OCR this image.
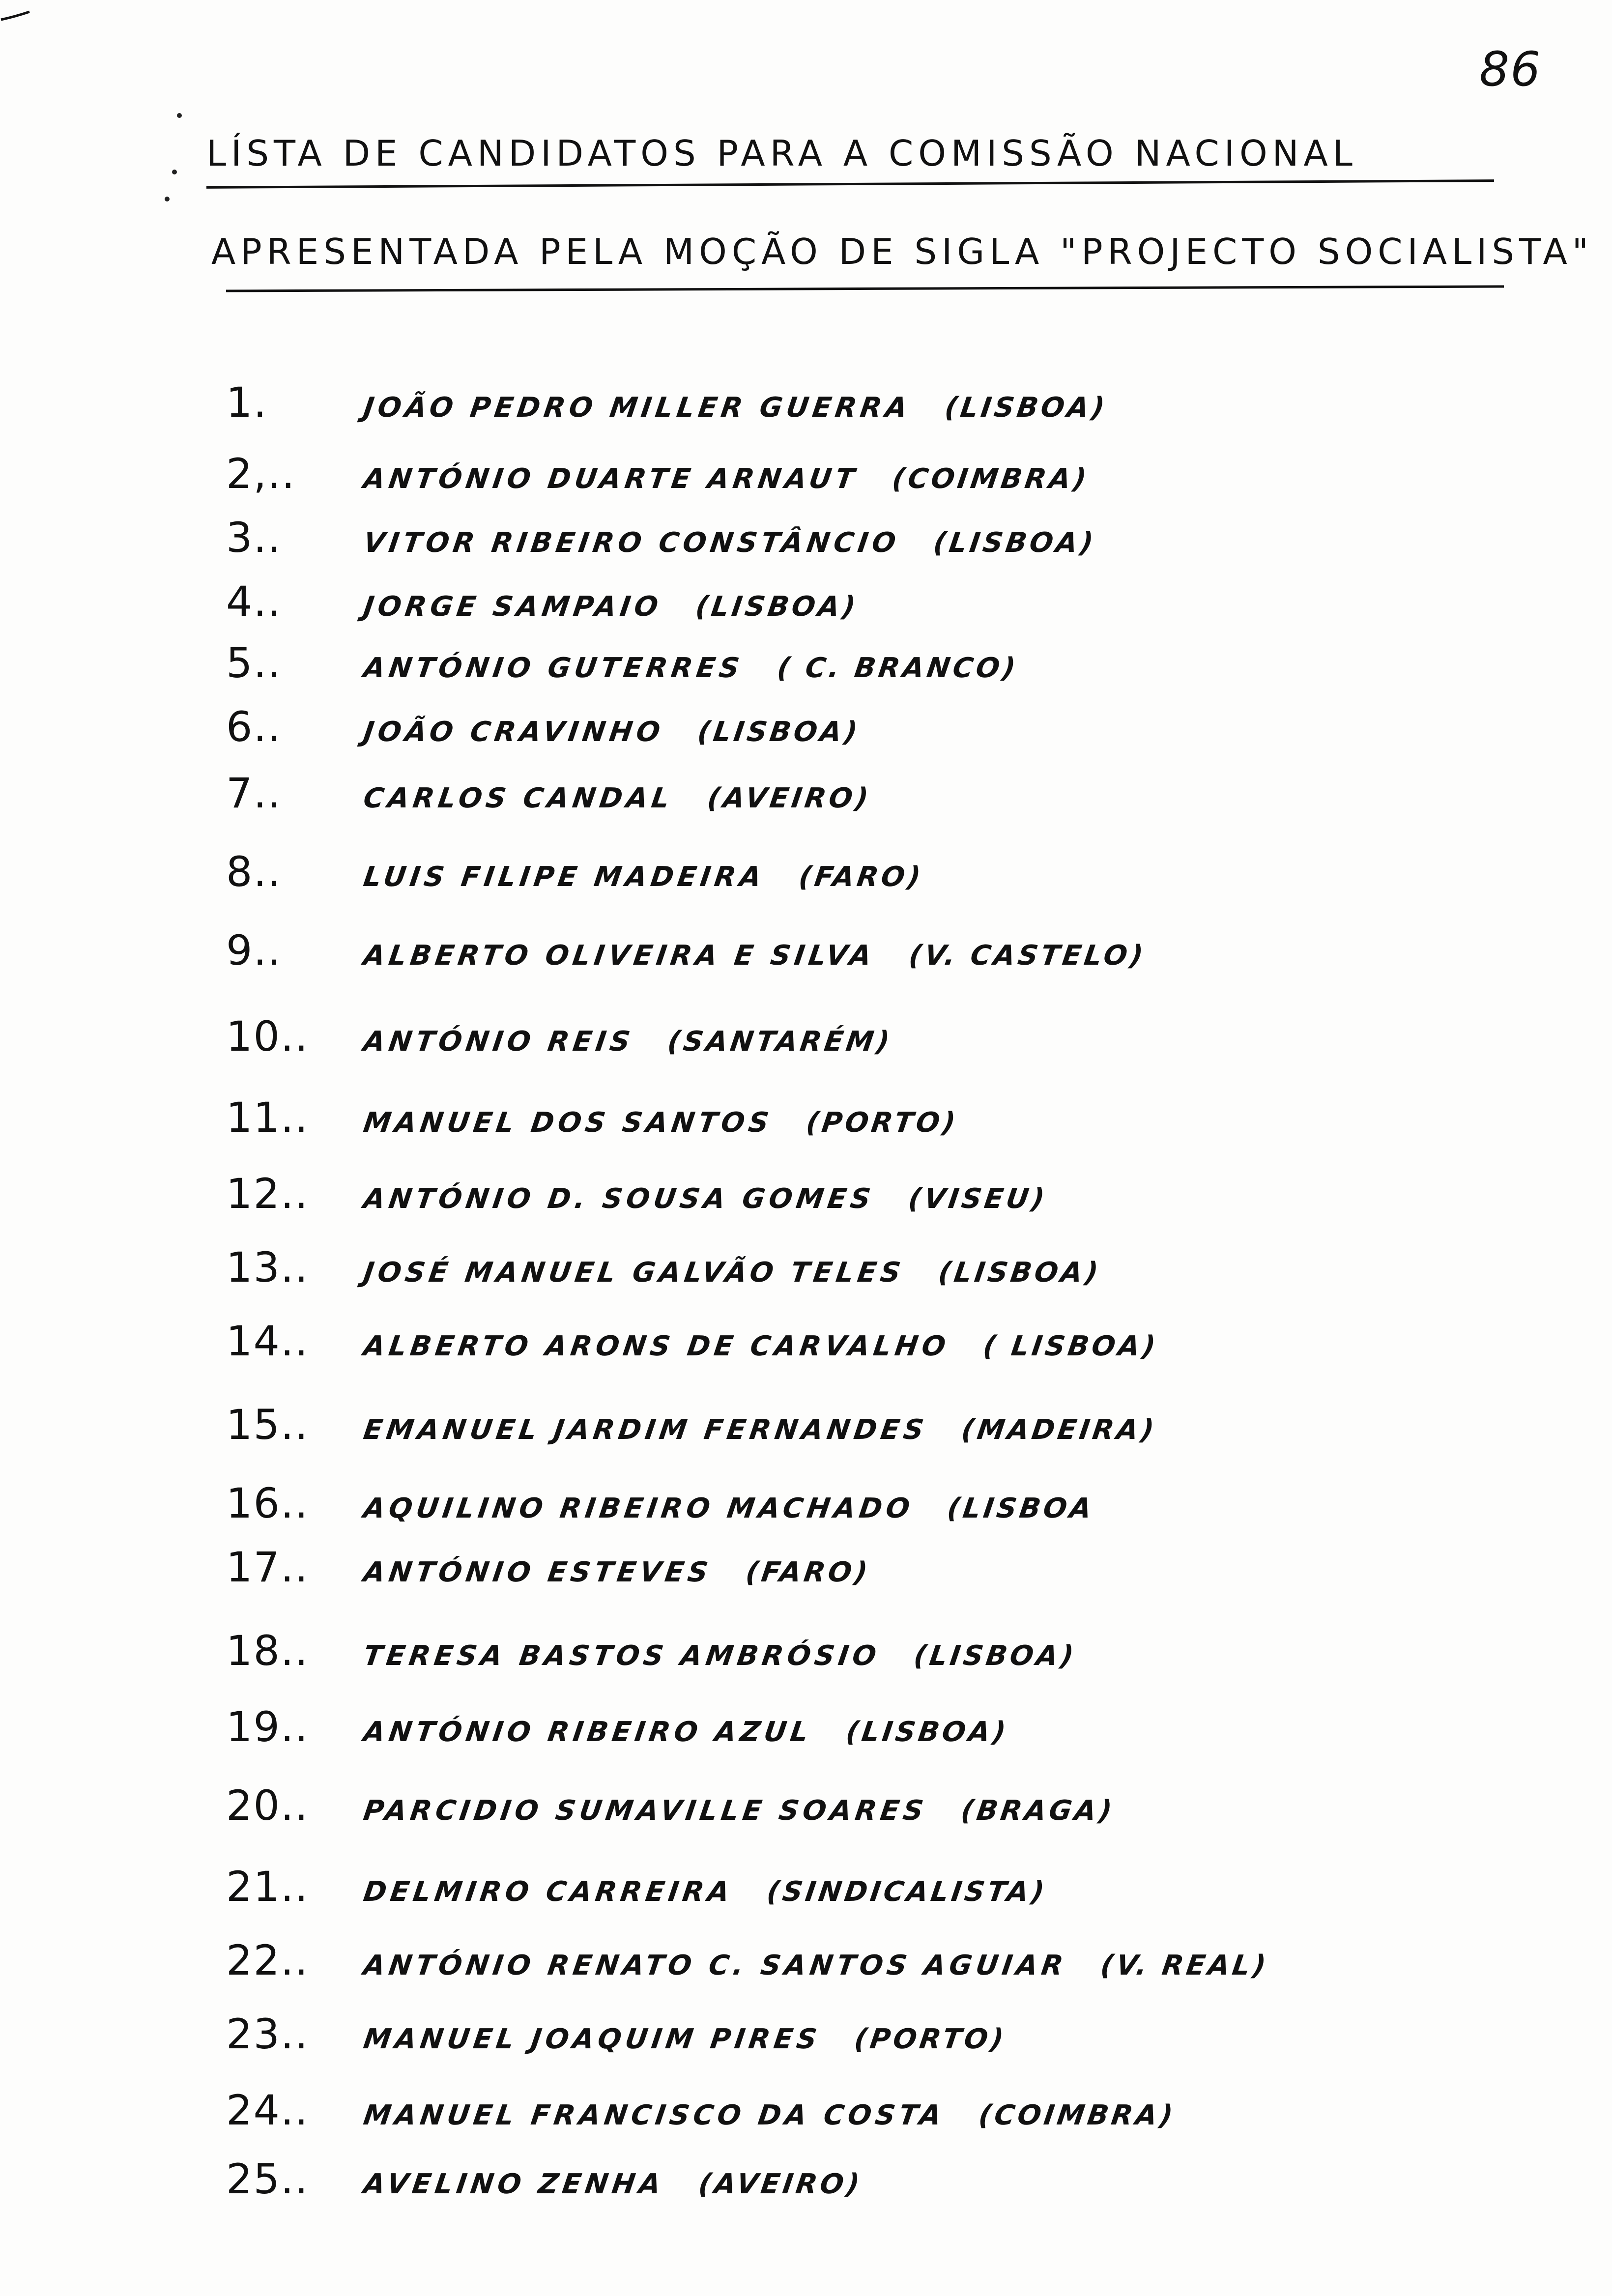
86
LÍSTA DE CANDIDATOS PARA A COMISSÃO NACIONAL
APRESENTADA PELA MOÇÃO DE SIGLA "PROJECTO SOCIALISTA"
1.	JOÃO PEDRO MILLER GUERRA (LISBOA)
2,..	ANTÓNIO DUARTE ARNAUT (COIMBRA)
3..	VITOR RIBEIRO CONSTÂNCIO (LISBOA)
4..	JORGE SAMPAIO (LISBOA)
5..	ANTÓNIO GUTERRES ( C. BRANCO)
6..	JOÃO CRAVINHO (LISBOA)
7..	CARLOS CANDAL (AVEIRO)
8..	LUIS FILIPE MADEIRA (FARO)
9..	ALBERTO OLIVEIRA E SILVA (V. CASTELO)
10..	ANTÓNIO REIS (SANTARÉM)
11..	MANUEL DOS SANTOS (PORTO)
12..	ANTÓNIO D. SOUSA GOMES (VISEU)
13..	JOSÉ MANUEL GALVÃO TELES (LISBOA)
14..	ALBERTO ARONS DE CARVALHO ( LISBOA)
15..	EMANUEL JARDIM FERNANDES (MADEIRA)
16..	AQUILINO RIBEIRO MACHADO (LISBOA
17..	ANTÓNIO ESTEVES (FARO)
18..	TERESA BASTOS AMBRÓSIO (LISBOA)
19..	ANTÓNIO RIBEIRO AZUL (LISBOA)
20..	PARCIDIO SUMAVILLE SOARES (BRAGA)
21..	DELMIRO CARREIRA (SINDICALISTA)
22..	ANTÓNIO RENATO C. SANTOS AGUIAR (V. REAL)
23..	MANUEL JOAQUIM PIRES (PORTO)
24..	MANUEL FRANCISCO DA COSTA (COIMBRA)
25..	AVELINO ZENHA (AVEIRO)
